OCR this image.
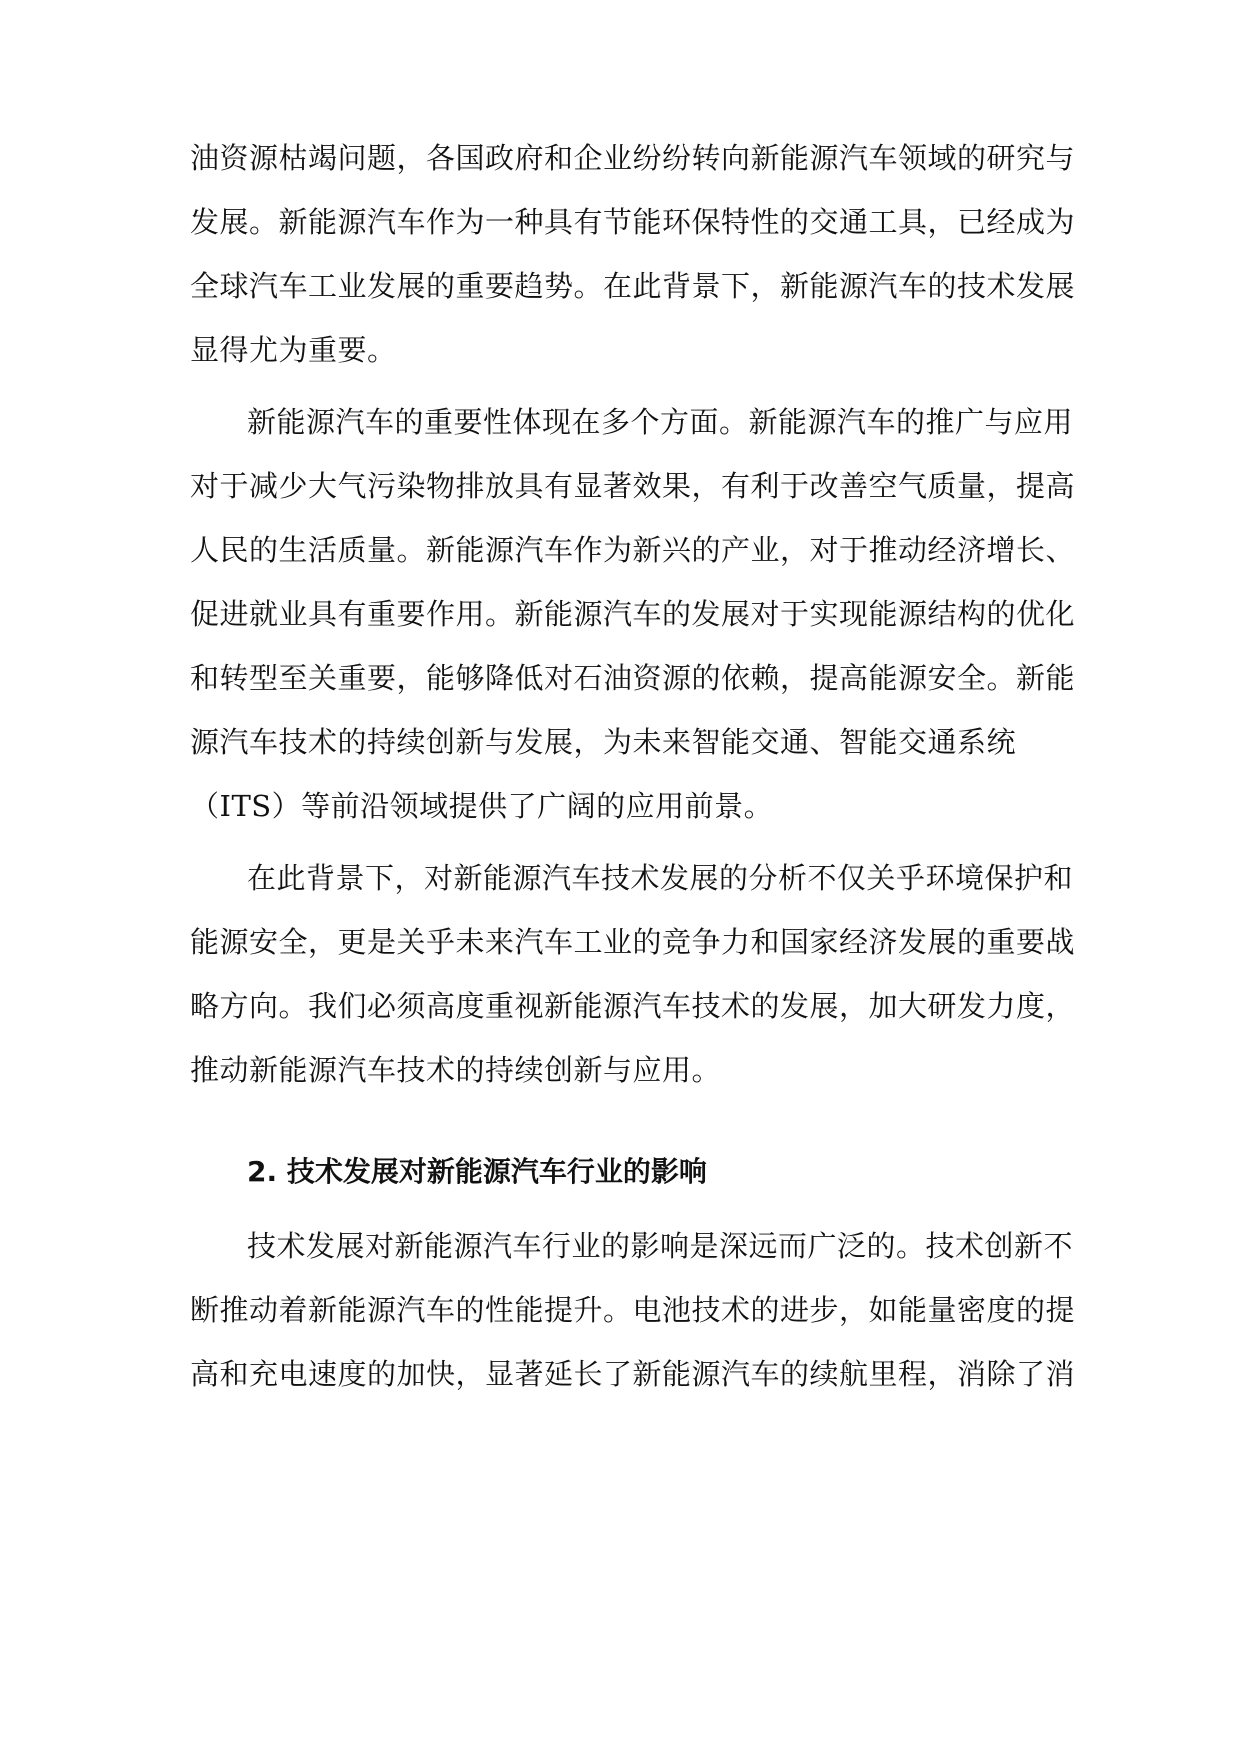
油资源枯竭问题，各国政府和企业纷纷转向新能源汽车领域的研究与
发展。新能源汽车作为一种具有节能环保特性的交通工具，已经成为
全球汽车工业发展的重要趋势。在此背景下，新能源汽车的技术发展
显得尤为重要。
新能源汽车的重要性体现在多个方面。新能源汽车的推广与应用
对于减少大气污染物排放具有显著效果，有利于改善空气质量，提高
人民的生活质量。新能源汽车作为新兴的产业，对于推动经济增长、
促进就业具有重要作用。新能源汽车的发展对于实现能源结构的优化
和转型至关重要，能够降低对石油资源的依赖，提高能源安全。新能
源汽车技术的持续创新与发展，为未来智能交通、智能交通系统
（ITS）等前沿领域提供了广阔的应用前景。
在此背景下，对新能源汽车技术发展的分析不仅关乎环境保护和
能源安全，更是关乎未来汽车工业的竞争力和国家经济发展的重要战
略方向。我们必须高度重视新能源汽车技术的发展，加大研发力度，
推动新能源汽车技术的持续创新与应用。
2. 技术发展对新能源汽车行业的影响
技术发展对新能源汽车行业的影响是深远而广泛的。技术创新不
断推动着新能源汽车的性能提升。电池技术的进步，如能量密度的提
高和充电速度的加快，显著延长了新能源汽车的续航里程，消除了消
